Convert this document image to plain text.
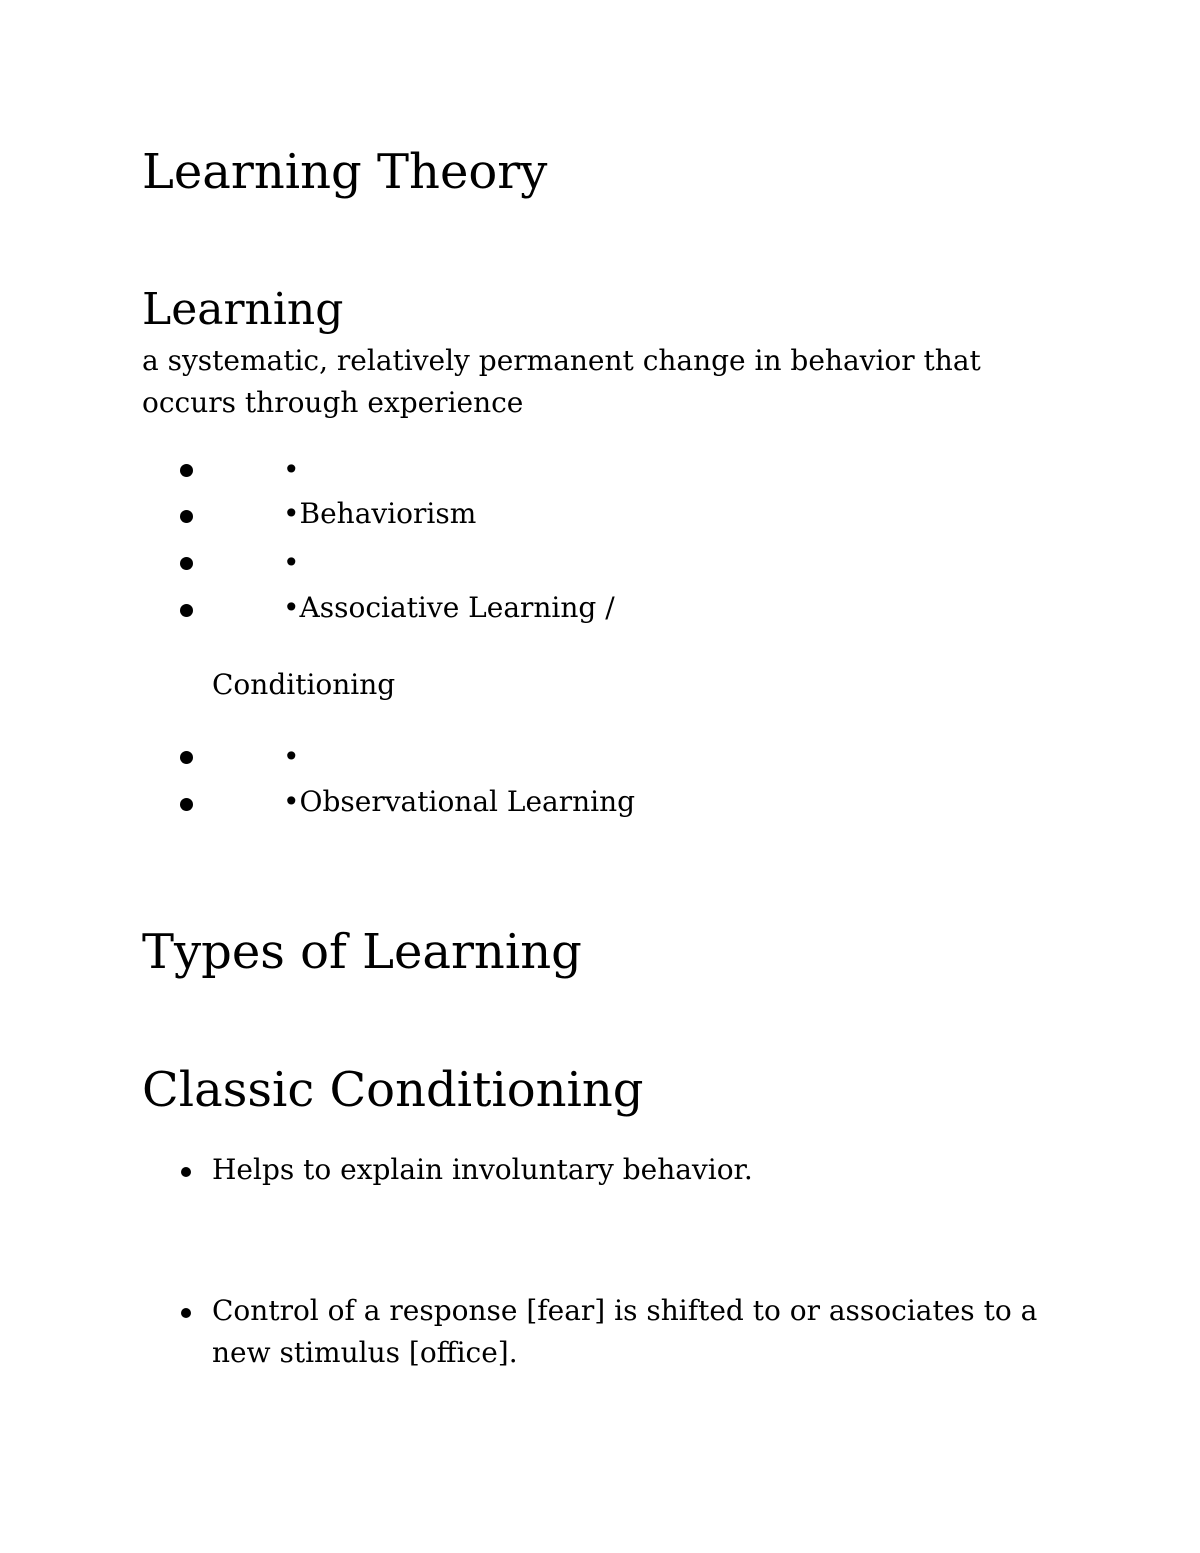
Learning Theory
Learning
a systematic, relatively permanent change in behavior that occurs through experience
•
•Behaviorism
•
•Associative Learning /
Conditioning
•
•Observational Learning
Types of Learning
Classic Conditioning
Helps to explain involuntary behavior.
Control of a response [fear] is shifted to or associates to a new stimulus [office].
